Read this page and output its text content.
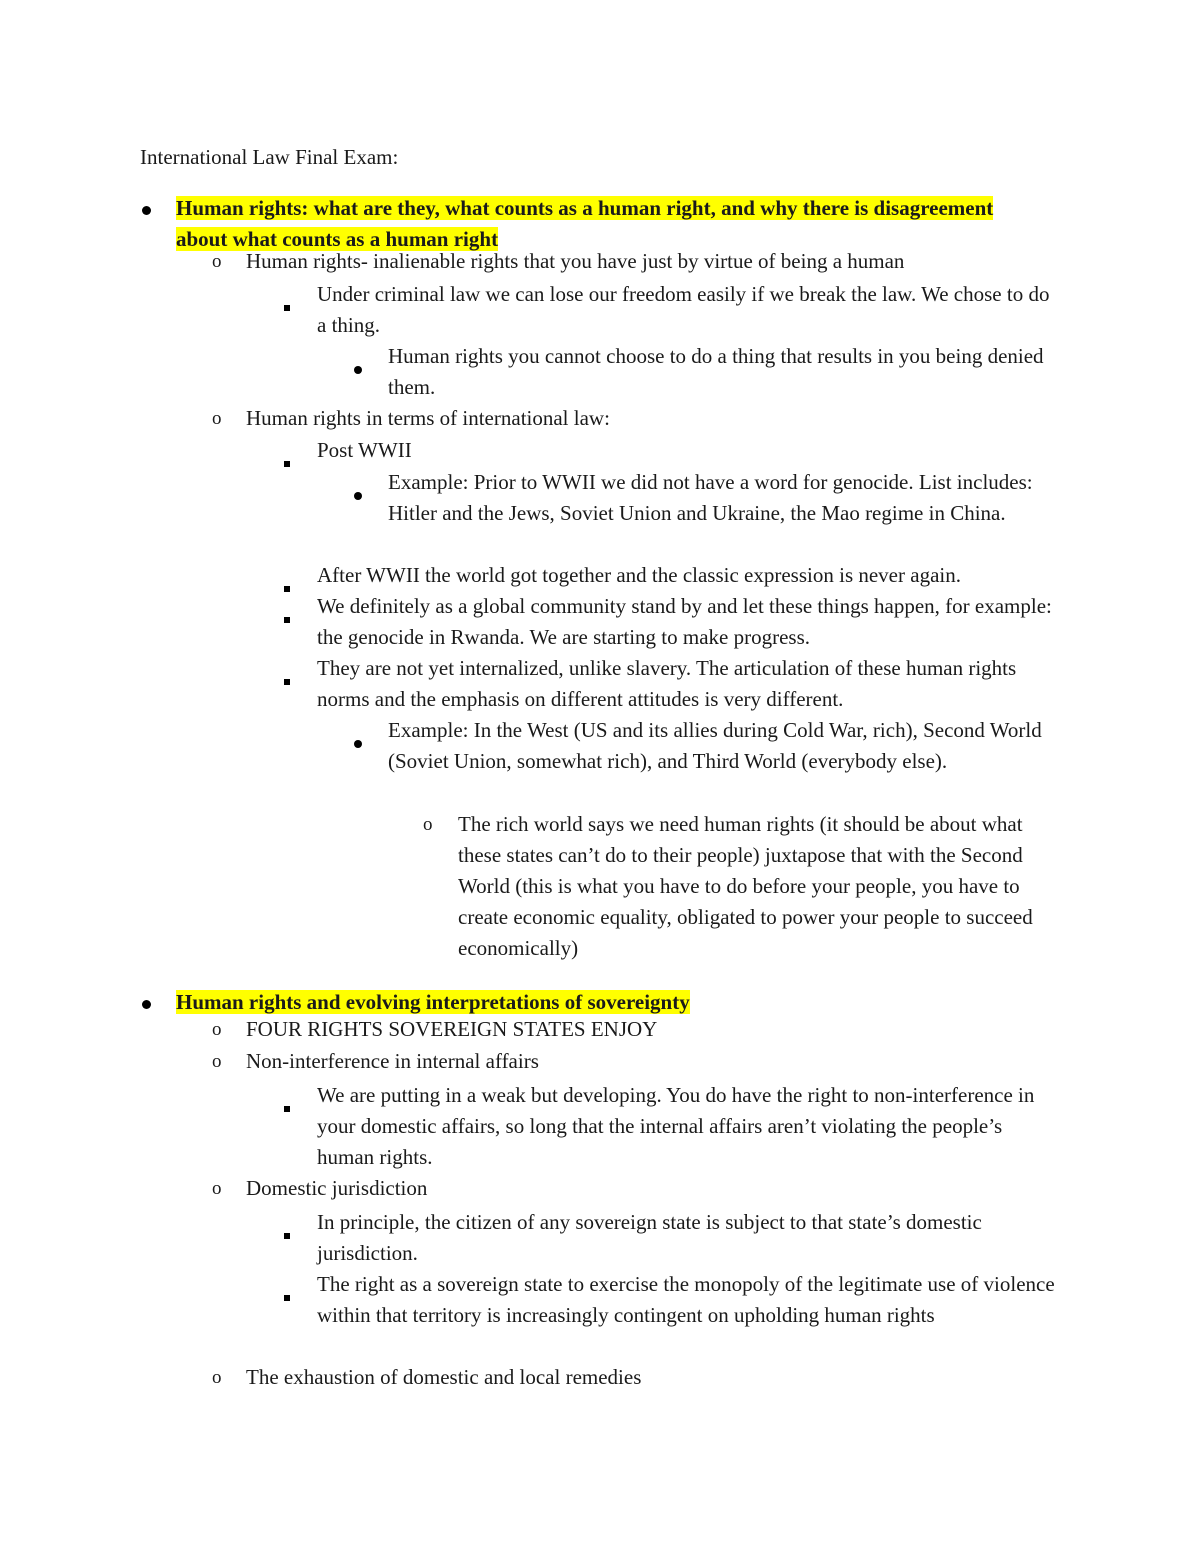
International Law Final Exam:
Human rights: what are they, what counts as a human right, and why there is disagreement about what counts as a human right
o Human rights- inalienable rights that you have just by virtue of being a human
Under criminal law we can lose our freedom easily if we break the law. We chose to do a thing.
Human rights you cannot choose to do a thing that results in you being denied them.
o Human rights in terms of international law:
Post WWII
Example: Prior to WWII we did not have a word for genocide. List includes: Hitler and the Jews, Soviet Union and Ukraine, the Mao regime in China.
After WWII the world got together and the classic expression is never again.
We definitely as a global community stand by and let these things happen, for example: the genocide in Rwanda. We are starting to make progress.
They are not yet internalized, unlike slavery. The articulation of these human rights norms and the emphasis on different attitudes is very different.
Example: In the West (US and its allies during Cold War, rich), Second World (Soviet Union, somewhat rich), and Third World (everybody else).
o The rich world says we need human rights (it should be about what these states can’t do to their people) juxtapose that with the Second World (this is what you have to do before your people, you have to create economic equality, obligated to power your people to succeed economically)
Human rights and evolving interpretations of sovereignty
o FOUR RIGHTS SOVEREIGN STATES ENJOY
o Non-interference in internal affairs
We are putting in a weak but developing. You do have the right to non-interference in your domestic affairs, so long that the internal affairs aren’t violating the people’s human rights.
o Domestic jurisdiction
In principle, the citizen of any sovereign state is subject to that state’s domestic jurisdiction.
The right as a sovereign state to exercise the monopoly of the legitimate use of violence within that territory is increasingly contingent on upholding human rights
o The exhaustion of domestic and local remedies
